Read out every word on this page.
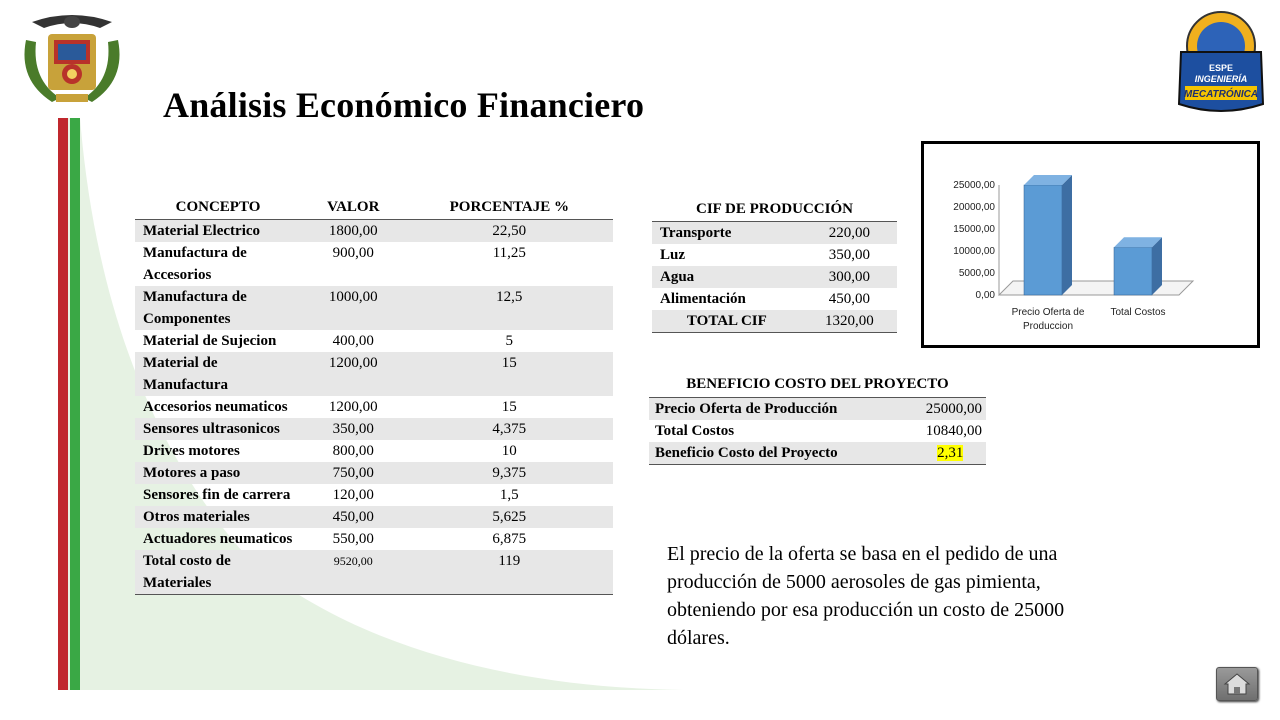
ESPE
INGENIERÍA
MECATRÓNICA
Análisis Económico Financiero
CONCEPTO	VALOR	PORCENTAJE %
Material Electrico	1800,00	22,50
Manufactura de Accesorios	900,00	11,25
Manufactura de Componentes	1000,00	12,5
Material de Sujecion	400,00	5
Material de Manufactura	1200,00	15
Accesorios neumaticos	1200,00	15
Sensores ultrasonicos	350,00	4,375
Drives motores	800,00	10
Motores a paso	750,00	9,375
Sensores fin de carrera	120,00	1,5
Otros materiales	450,00	5,625
Actuadores neumaticos	550,00	6,875
Total costo de Materiales	9520,00	119
CIF DE PRODUCCIÓN	
Transporte	220,00
Luz	350,00
Agua	300,00
Alimentación	450,00
TOTAL CIF	1320,00
BENEFICIO COSTO DEL PROYECTO	
Precio Oferta de Producción	25000,00
Total Costos	10840,00
Beneficio Costo del Proyecto	2,31
0,00
5000,00
10000,00
15000,00
20000,00
25000,00
Precio Oferta de Produccion
Total Costos
El precio de la oferta se basa en el pedido de una producción de 5000 aerosoles de gas pimienta, obteniendo por esa producción un costo de 25000 dólares.
